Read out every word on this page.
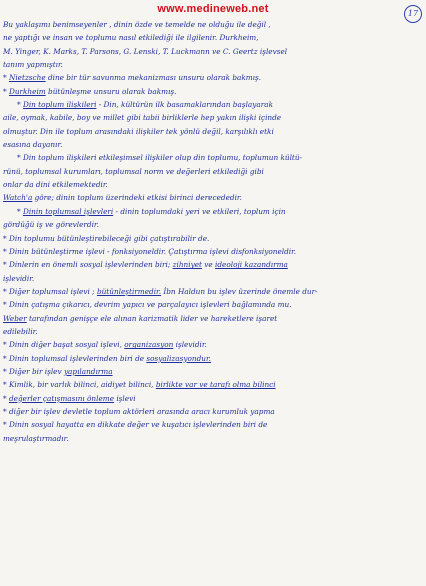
www.medineweb.net	17
Bu yaklaşımı benimseyenler , dinin özde ve temelde ne olduğu ile değil ,
ne yaptığı ve insan ve toplumu nasıl etkilediği ile ilgilenir. Durkheim,
M. Yinger, K. Marks, T. Parsons, G. Lenski, T. Luckmann ve C. Geertz işlevsel
tanım yapmıştır.
* Nietzsche dine bir tür savunma mekanizması unsuru olarak bakmış.
* Durkheim bütünleşme unsuru olarak bakmış.
* Din toplum ilişkileri - Din, kültürün ilk basamaklarından başlayarak
aile, oymak, kabile, boy ve millet gibi tabii birliklerle hep yakın ilişki içinde
olmuştur. Din ile toplum arasındaki ilişkiler tek yönlü değil, karşılıklı etki
esasına dayanır.
* Din toplum ilişkileri etkileşimsel ilişkiler olup din toplumu, toplumun kültü-
rünü, toplumsal kurumları, toplumsal norm ve değerleri etkilediği gibi
onlar da dini etkilemektedir.
Watch'a göre; dinin toplum üzerindeki etkisi birinci derecededir.
* Dinin toplumsal işlevleri - dinin toplumdaki yeri ve etkileri, toplum için
gördüğü iş ve görevlerdir.
* Din toplumu bütünleştirebileceği gibi çatıştırabilir de.
* Dinin bütünleştirme işlevi - fonksiyoneldir. Çatıştırma işlevi disfonksiyoneldir.
* Dinlerin en önemli sosyal işlevlerinden biri; zihniyet ve ideoloji kazandırma
işlevidir.
* Diğer toplumsal işlevi ; bütünleştirmedir. İbn Haldun bu işlev üzerinde önemle dur-
* Dinin çatışma çıkarıcı, devrim yapıcı ve parçalayıcı işlevleri bağlamında mu.
Weber tarafından genişçe ele alınan karizmatik lider ve hareketlere işaret
edilebilir.
* Dinin diğer başat sosyal işlevi, organizasyon işlevidir.
* Dinin toplumsal işlevlerinden biri de sosyalizasyondur.
* Diğer bir işlev yapılandırma
* Kimlik, bir varlık bilinci, aidiyet bilinci, birlikte var ve tarafı olma bilinci
* değerler çatışmasını önleme işlevi
* diğer bir işlev devletle toplum aktörleri arasında aracı kurumluk yapma
* Dinin sosyal hayatta en dikkate değer ve kuşatıcı işlevlerinden biri de
meşrulaştırmadır.
